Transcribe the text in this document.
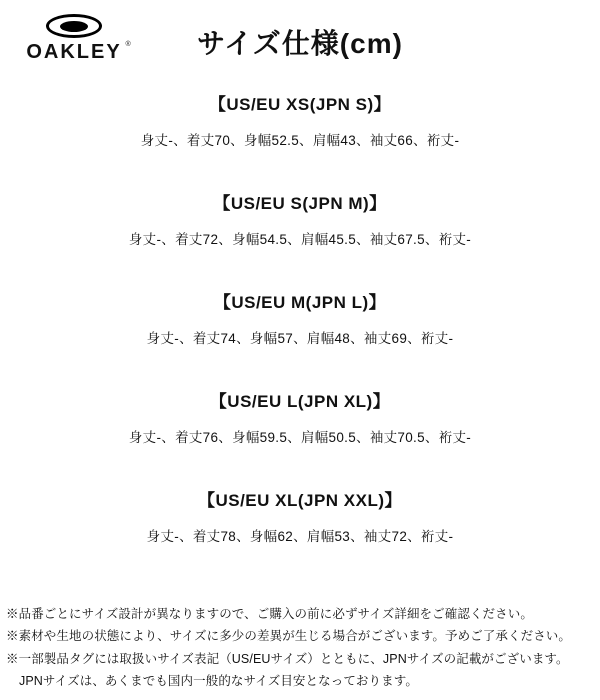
OAKLEY ®	サイズ仕様(cm)
【US/EU XS(JPN S)】
身丈-、着丈70、身幅52.5、肩幅43、袖丈66、裄丈-
【US/EU S(JPN M)】
身丈-、着丈72、身幅54.5、肩幅45.5、袖丈67.5、裄丈-
【US/EU M(JPN L)】
身丈-、着丈74、身幅57、肩幅48、袖丈69、裄丈-
【US/EU L(JPN XL)】
身丈-、着丈76、身幅59.5、肩幅50.5、袖丈70.5、裄丈-
【US/EU XL(JPN XXL)】
身丈-、着丈78、身幅62、肩幅53、袖丈72、裄丈-
※品番ごとにサイズ設計が異なりますので、ご購入の前に必ずサイズ詳細をご確認ください。
※素材や生地の状態により、サイズに多少の差異が生じる場合がございます。予めご了承ください。
※一部製品タグには取扱いサイズ表記（US/EUサイズ）とともに、JPNサイズの記載がございます。
JPNサイズは、あくまでも国内一般的なサイズ目安となっております。
